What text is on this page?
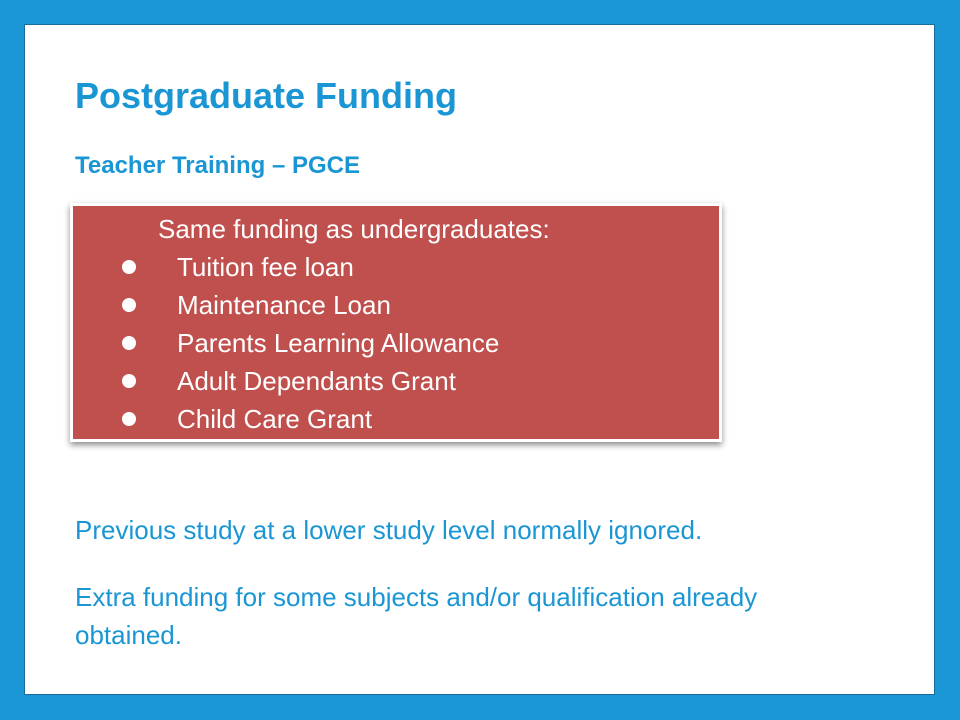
Postgraduate Funding
Teacher Training – PGCE
Same funding as undergraduates:
Tuition fee loan
Maintenance Loan
Parents Learning Allowance
Adult Dependants Grant
Child Care Grant

Previous study at a lower study level normally ignored.

Extra funding for some subjects and/or qualification already obtained.
